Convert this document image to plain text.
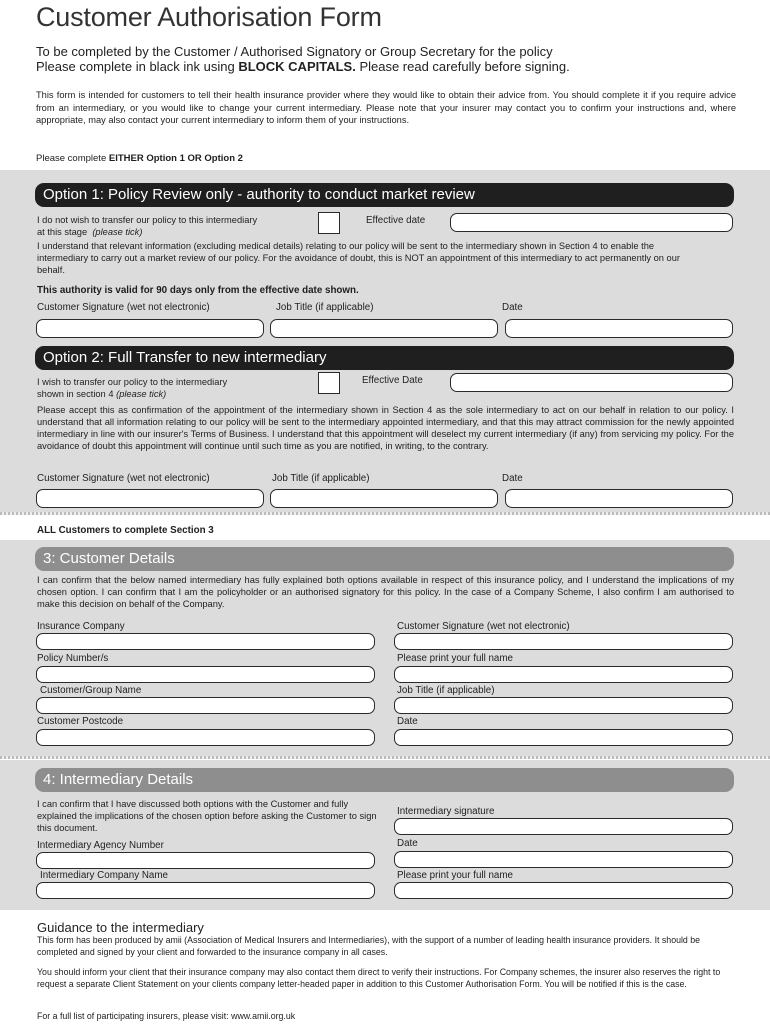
Customer Authorisation Form
To be completed by the Customer / Authorised Signatory or Group Secretary for the policy
Please complete in black ink using BLOCK CAPITALS. Please read carefully before signing.
This form is intended for customers to tell their health insurance provider where they would like to obtain their advice from. You should complete it if you require advice from an intermediary, or you would like to change your current intermediary. Please note that your insurer may contact you to confirm your instructions and, where appropriate, may also contact your current intermediary to inform them of your instructions.
Please complete EITHER Option 1 OR Option 2
Option 1: Policy Review only - authority to conduct market review
I do not wish to transfer our policy to this intermediary
at this stage (please tick)
Effective date
I understand that relevant information (excluding medical details) relating to our policy will be sent to the intermediary shown in Section 4 to enable the intermediary to carry out a market review of our policy. For the avoidance of doubt, this is NOT an appointment of this intermediary to act permanently on our behalf.
This authority is valid for 90 days only from the effective date shown.
Customer Signature (wet not electronic)	Job Title (if applicable)	Date
Option 2: Full Transfer to new intermediary
I wish to transfer our policy to the intermediary
shown in section 4 (please tick)
Effective Date
Please accept this as confirmation of the appointment of the intermediary shown in Section 4 as the sole intermediary to act on our behalf in relation to our policy. I understand that all information relating to our policy will be sent to the intermediary appointed intermediary, and that this may attract commission for the newly appointed intermediary in line with our insurer's Terms of Business. I understand that this appointment will deselect my current intermediary (if any) from servicing my policy. For the avoidance of doubt this appointment will continue until such time as you are notified, in writing, to the contrary.
Customer Signature (wet not electronic)	Job Title (if applicable)	Date
ALL Customers to complete Section 3
3: Customer Details
I can confirm that the below named intermediary has fully explained both options available in respect of this insurance policy, and I understand the implications of my chosen option. I can confirm that I am the policyholder or an authorised signatory for this policy. In the case of a Company Scheme, I also confirm I am authorised to make this decision on behalf of the Company.
Insurance Company
Policy Number/s
Customer/Group Name
Customer Postcode
Customer Signature (wet not electronic)
Please print your full name
Job Title (if applicable)
Date
4: Intermediary Details
I can confirm that I have discussed both options with the Customer and fully explained the implications of the chosen option before asking the Customer to sign this document.
Intermediary Agency Number
Intermediary Company Name
Intermediary signature
Date
Please print your full name
Guidance to the intermediary
This form has been produced by amii (Association of Medical Insurers and Intermediaries), with the support of a number of leading health insurance providers. It should be completed and signed by your client and forwarded to the insurance company in all cases.
You should inform your client that their insurance company may also contact them direct to verify their instructions. For Company schemes, the insurer also reserves the right to request a separate Client Statement on your clients company letter-headed paper in addition to this Customer Authorisation Form. You will be notified if this is the case.
For a full list of participating insurers, please visit: www.amii.org.uk
